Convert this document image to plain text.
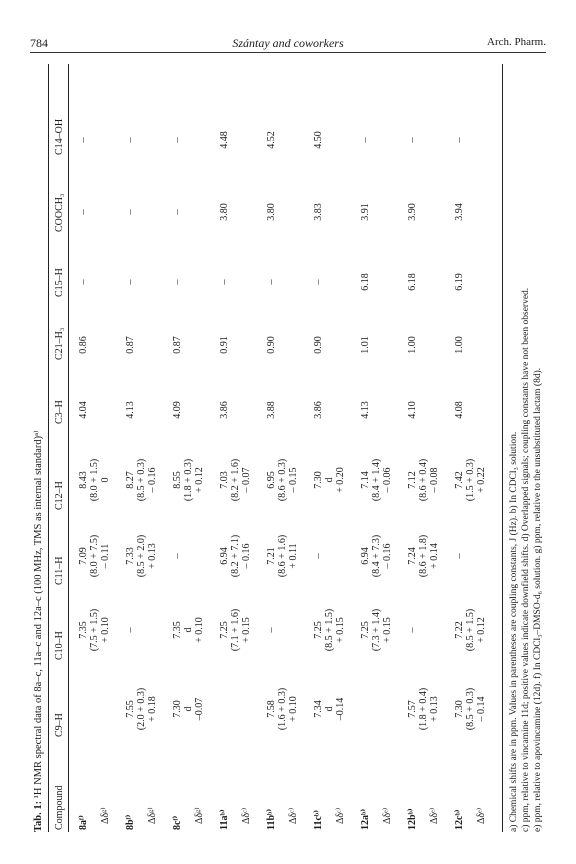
784	Szántay and coworkers	Arch. Pharm.
Tab. 1: ¹H NMR spectral data of 8a–c, 11a–c and 12a–c (100 MHz, TMS as internal standard)ᵃ⁾
Compound
C9–H
C10–H
C11–H
C12–H
C3–H
C21–H₃
C15–H
COOCH₃
C14–OH
8aᶠ⁾ Δδᵍ⁾

7.35 (7.5 + 1.5) + 0.10
7.09 (8.0 + 7.5) – 0.11
8.43 (8.0 + 1.5) 0
4.04

0.86

–

–

–

8bᶠ⁾ Δδᵍ⁾
7.55 (2.0 + 0.3) + 0.18
–

7.33 (8.5 + 2.0) + 0.13
8.27 (8.5 + 0.3) – 0.16
4.13

0.87

–

–

–

8cᶠ⁾ Δδᵍ⁾
7.30 d –0.07
7.35 d + 0.10
–

8.55 (1.8 + 0.3) + 0.12
4.09

0.87

–

–

–

11aᵇ⁾ Δδᶜ⁾

7.25 (7.1 + 1.6) + 0.15
6.94 (8.2 + 7.1) – 0.16
7.03 (8.2 + 1.6) – 0.07
3.86

0.91

–

3.80

4.48

11bᵇ⁾ Δδᶜ⁾
7.58 (1.6 + 0.3) + 0.10
–

7.21 (8.6 + 1.6) + 0.11
6.95 (8.6 + 0.3) – 0.15
3.88

0.90

–

3.80

4.52

11cᵇ⁾ Δδᶜ⁾
7.34 d –0.14
7.25 (8.5 + 1.5) + 0.15
–

7.30 d + 0.20
3.86

0.90

–

3.83

4.50

12aᵇ⁾ Δδᵉ⁾

7.25 (7.3 + 1.4) + 0.15
6.94 (8.4 + 7.3) – 0.16
7.14 (8.4 + 1.4) – 0.06
4.13

1.01

6.18

3.91

–

12bᵇ⁾ Δδᵉ⁾
7.57 (1.8 + 0.4) + 0.13
–

7.24 (8.6 + 1.8) + 0.14
7.12 (8.6 + 0.4) – 0.08
4.10

1.00

6.18

3.90

–

12cᵇ⁾ Δδᵉ⁾
7.30 (8.5 + 0.3) – 0.14
7.22 (8.5 + 1.5) + 0.12
–

7.42 (1.5 + 0.3) + 0.22
4.08

1.00

6.19

3.94

–

a) Chemical shifts are in ppm. Values in parentheses are coupling constants, J (Hz). b) In CDCl₃ solution. c) ppm, relative to vincamine 11d; positive values indicate downfield shifts. d) Overlapped signals; coupling constants have not been observed. e) ppm, relative to apovincamine (12d). f) In CDCl₃–DMSO-d₆ solution. g) ppm, relative to the unsubstituted lactam (8d).
